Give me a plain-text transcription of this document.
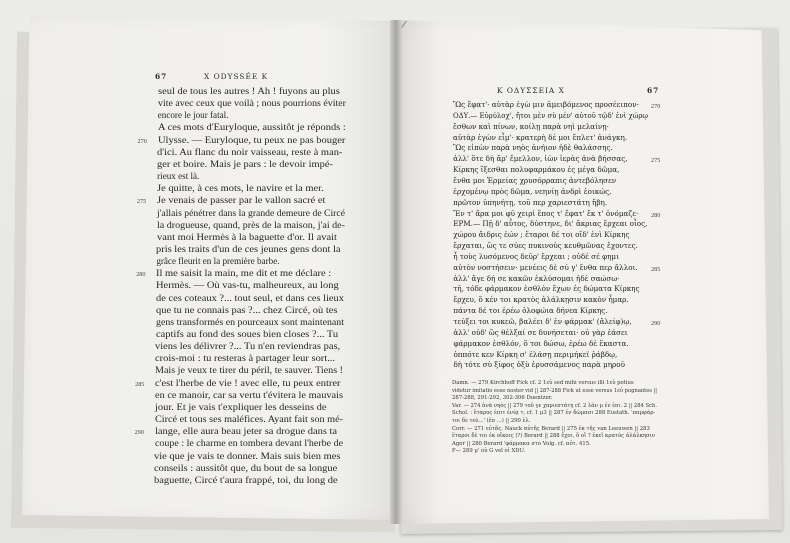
67	X ODYSSÉE K
seul de tous les autres ! Ah ! fuyons au plus
vite avec ceux que voilà ; nous pourrions éviter
encore le jour fatal.
A ces mots d'Euryloque, aussitôt je réponds :
Ulysse. — Euryloque, tu peux ne pas bouger
d'ici. Au flanc du noir vaisseau, reste à man-
ger et boire. Mais je pars : le devoir impé-
rieux est là.
Je quitte, à ces mots, le navire et la mer.
Je venais de passer par le vallon sacré et
j'allais pénétrer dans la grande demeure de Circé
la drogueuse, quand, près de la maison, j'ai de-
vant moi Hermès à la baguette d'or. Il avait
pris les traits d'un de ces jeunes gens dont la
grâce fleurit en la première barbe.
Il me saisit la main, me dit et me déclare :
Hermès. — Où vas-tu, malheureux, au long
de ces coteaux ?... tout seul, et dans ces lieux
que tu ne connais pas ?... chez Circé, où tes
gens transformés en pourceaux sont maintenant
captifs au fond des soues bien closes ?... Tu
viens les délivrer ?... Tu n'en reviendras pas,
crois-moi : tu resteras à partager leur sort...
Mais je veux te tirer du péril, te sauver. Tiens !
c'est l'herbe de vie ! avec elle, tu peux entrer
en ce manoir, car sa vertu t'évitera le mauvais
jour. Et je vais t'expliquer les desseins de
Circé et tous ses maléfices. Ayant fait son mé-
lange, elle aura beau jeter sa drogue dans ta
coupe : le charme en tombera devant l'herbe de
vie que je vais te donner. Mais suis bien mes
conseils : aussitôt que, du bout de sa longue
baguette, Circé t'aura frappé, toi, du long de
270
275
280
285
290
K ΟΔΥΣΣΕΙΑ X	67
Ὣς ἔφατ'· αὐτὰρ ἐγὼ μιν ἀμειβόμενος προσέειπον·
ΟΔΥ.— Εὐρύλοχ', ἤτοι μὲν σὺ μέν' αὐτοῦ τῷδ' ἐνὶ χώρῳ
ἔσθων καὶ πίνων, κοίλῃ παρὰ νηὶ μελαίνῃ·
αὐτὰρ ἐγὼν εἶμ'· κρατερὴ δέ μοι ἔπλετ' ἀνάγκη.
Ὣς εἰπὼν παρὰ νηὸς ἀνήιον ἠδὲ θαλάσσης.
ἀλλ' ὅτε δὴ ἄρ' ἔμελλον, ἰὼν ἱερὰς ἀνὰ βήσσας,
Κίρκης ἵξεσθαι πολυφαρμάκου ἐς μέγα δῶμα,
ἔνθα μοι Ἑρμείας χρυσόρραπις ἀντεβόλησεν
ἐρχομένῳ πρὸς δῶμα, νεηνίῃ ἀνδρὶ ἐοικώς,
πρῶτον ὑπηνήτῃ, τοῦ περ χαριεστάτη ἥβη.
Ἔν τ' ἄρα μοι φῦ χειρὶ ἔπος τ' ἔφατ' ἔκ τ' ὀνόμαζε·
ΕΡΜ.— Πῇ δ' αὖτος, δύστηνε, δι' ἄκριας ἔρχεαι οἶος,
χώρου ἄιδρις ἐών ; ἕταροι δέ τοι οἵδ' ἐνὶ Κίρκης
ἔρχαται, ὥς τε σύες πυκινοὺς κευθμῶνας ἔχοντες.
ἦ τοὺς λυσόμενος δεῦρ' ἔρχεαι ; οὐδέ σέ φημι
αὐτὸν νοστήσειν· μενέεις δὲ σύ γ' ἔνθα περ ἄλλοι.
ἀλλ' ἄγε δή σε κακῶν ἐκλύσομαι ἠδὲ σαώσω·
τῆ, τόδε φάρμακον ἐσθλὸν ἔχων ἐς δώματα Κίρκης
ἔρχευ, ὅ κέν τοι κρατὸς ἀλάλκῃσιν κακὸν ἦμαρ.
πάντα δέ τοι ἐρέω ὀλοφώια δήνεα Κίρκης.
τεύξει τοι κυκεῶ, βαλέει δ' ἐν φάρμακ' (ἄλείφ)ῳ,
ἀλλ' οὐδ' ὣς θέλξαί σε δυνήσεται· οὐ γὰρ ἐάσει
φάρμακον ἐσθλόν, ὅ τοι δώσω, ἐρέω δὲ ἕκαστα.
ὁππότε κεν Κίρκη σ' ἐλάσῃ περιμήκεϊ ῥάβδῳ,
δὴ τότε σὺ ξίφος ὀξὺ ἐρυσσάμενος παρὰ μηροῦ
270
275
280
285
290
Damn. — 279 Kirchhoff Fick cf. 2 1εὐ sed mihi versus illi 1εὐ potius
videtur imitatio esse noster vid || 287-288 Fick ut esse versus 1εὐ pugnantes ||
287-288, 291-292, 302-306 Duentzer.
Var. — 274 ἀνὰ νηὸς || 279 τοῦ γε χαριεστάτη cf. 2 λὰν μ ἐν ἐπι. 2 || 284 Sch.
Schol. : ἕταρος ἐπιτ ἐνίᾳ τ, cf. 1 μ3 || 287 ἐν δώμασι 288 Eustath. 'παμφάρ-
τοι δε τεύ...' (ἐπ ...) || 290 ἐλ.
Corr. — 271 εὐτᾶς. Nauck αὐτῆς Berard || 275 ἐκ τῆς van Leeuwen || 283
ἕταροι δὲ τοι ἐκ οἴκοις (?) Berard || 288 ἔχοι, ὅ οἵ ? ἐκεῖ κρατὸς ἀλάλκησιν
Ager || 280 Berard 'φάρμακα στο Volg. cf. αὐτ. 415.
F— 289 μ' οὐ G vel οἱ XDU.
